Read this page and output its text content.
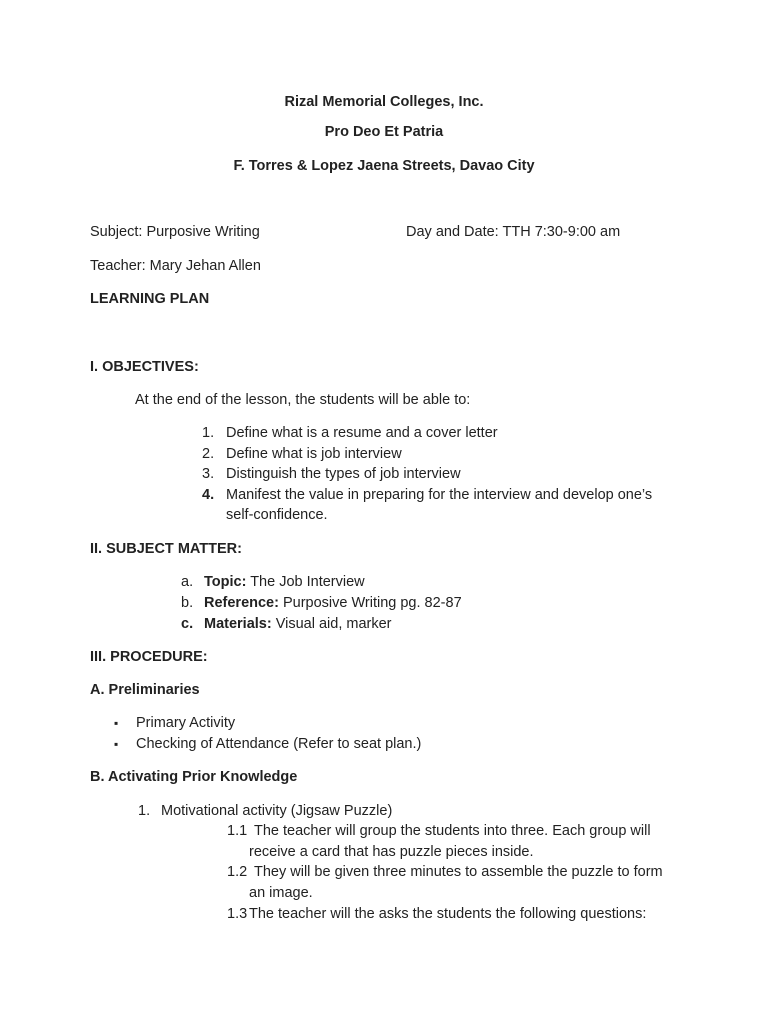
Rizal Memorial Colleges, Inc.
Pro Deo Et Patria
F. Torres & Lopez Jaena Streets, Davao City
Subject: Purposive Writing	Day and Date: TTH 7:30-9:00 am
Teacher: Mary Jehan Allen
LEARNING PLAN
I. OBJECTIVES:
At the end of the lesson, the students will be able to:
1. Define what is a resume and a cover letter
2. Define what is job interview
3. Distinguish the types of job interview
4. Manifest the value in preparing for the interview and develop one’s
self-confidence.
II. SUBJECT MATTER:
a. Topic: The Job Interview
b. Reference: Purposive Writing pg. 82-87
c. Materials: Visual aid, marker
III. PROCEDURE:
A. Preliminaries
▪ Primary Activity
▪ Checking of Attendance (Refer to seat plan.)
B. Activating Prior Knowledge
1. Motivational activity (Jigsaw Puzzle)
1.1 The teacher will group the students into three. Each group will
receive a card that has puzzle pieces inside.
1.2 They will be given three minutes to assemble the puzzle to form
an image.
1.3 The teacher will the asks the students the following questions:
